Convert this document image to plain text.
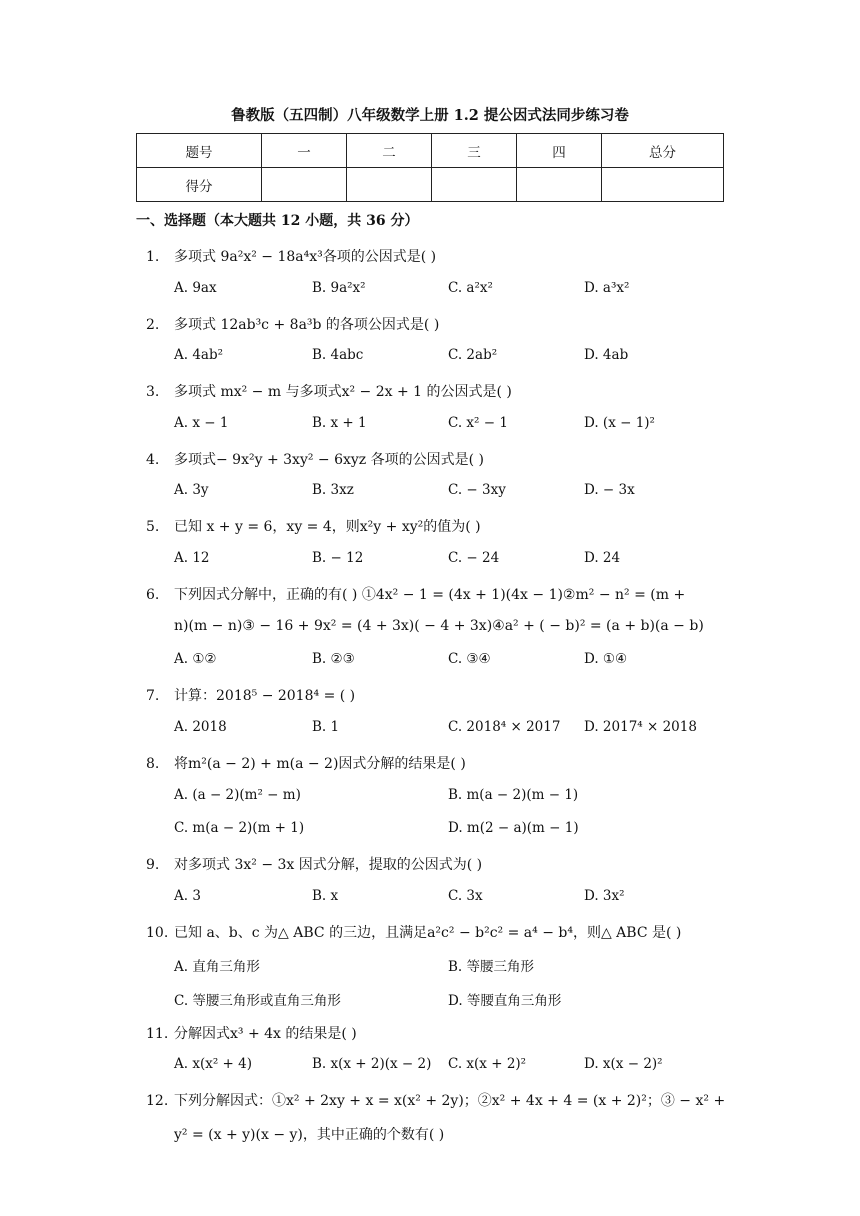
鲁教版（五四制）八年级数学上册 1.2 提公因式法同步练习卷
题号	一	二	三	四	总分
得分					
一、选择题（本大题共 12 小题，共 36 分）
1. 多项式 9a²x² − 18a⁴x³各项的公因式是( )
A. 9ax	B. 9a²x²	C. a²x²	D. a³x²
2. 多项式 12ab³c + 8a³b 的各项公因式是( )
A. 4ab²	B. 4abc	C. 2ab²	D. 4ab
3. 多项式 mx² − m 与多项式x² − 2x + 1 的公因式是( )
A. x − 1	B. x + 1	C. x² − 1	D. (x − 1)²
4. 多项式− 9x²y + 3xy² − 6xyz 各项的公因式是( )
A. 3y	B. 3xz	C. − 3xy	D. − 3x
5. 已知 x + y = 6，xy = 4，则x²y + xy²的值为( )
A. 12	B. − 12	C. − 24	D. 24
6. 下列因式分解中，正确的有( ) ①4x² − 1 = (4x + 1)(4x − 1)②m² − n² = (m +
n)(m − n)③ − 16 + 9x² = (4 + 3x)( − 4 + 3x)④a² + ( − b)² = (a + b)(a − b)
A. ①②	B. ②③	C. ③④	D. ①④
7. 计算：2018⁵ − 2018⁴ = ( )
A. 2018	B. 1	C. 2018⁴ × 2017 D. 2017⁴ × 2018
8. 将m²(a − 2) + m(a − 2)因式分解的结果是( )
A. (a − 2)(m² − m)	B. m(a − 2)(m − 1)
C. m(a − 2)(m + 1)	D. m(2 − a)(m − 1)
9. 对多项式 3x² − 3x 因式分解，提取的公因式为( )
A. 3	B. x	C. 3x	D. 3x²
10. 已知 a、b、c 为△ ABC 的三边，且满足a²c² − b²c² = a⁴ − b⁴，则△ ABC 是( )
A. 直角三角形	B. 等腰三角形
C. 等腰三角形或直角三角形	D. 等腰直角三角形
11. 分解因式x³ + 4x 的结果是( )
A. x(x² + 4)	B. x(x + 2)(x − 2) C. x(x + 2)²	D. x(x − 2)²
12. 下列分解因式：①x² + 2xy + x = x(x² + 2y)；②x² + 4x + 4 = (x + 2)²；③ − x² +
y² = (x + y)(x − y)，其中正确的个数有( )
